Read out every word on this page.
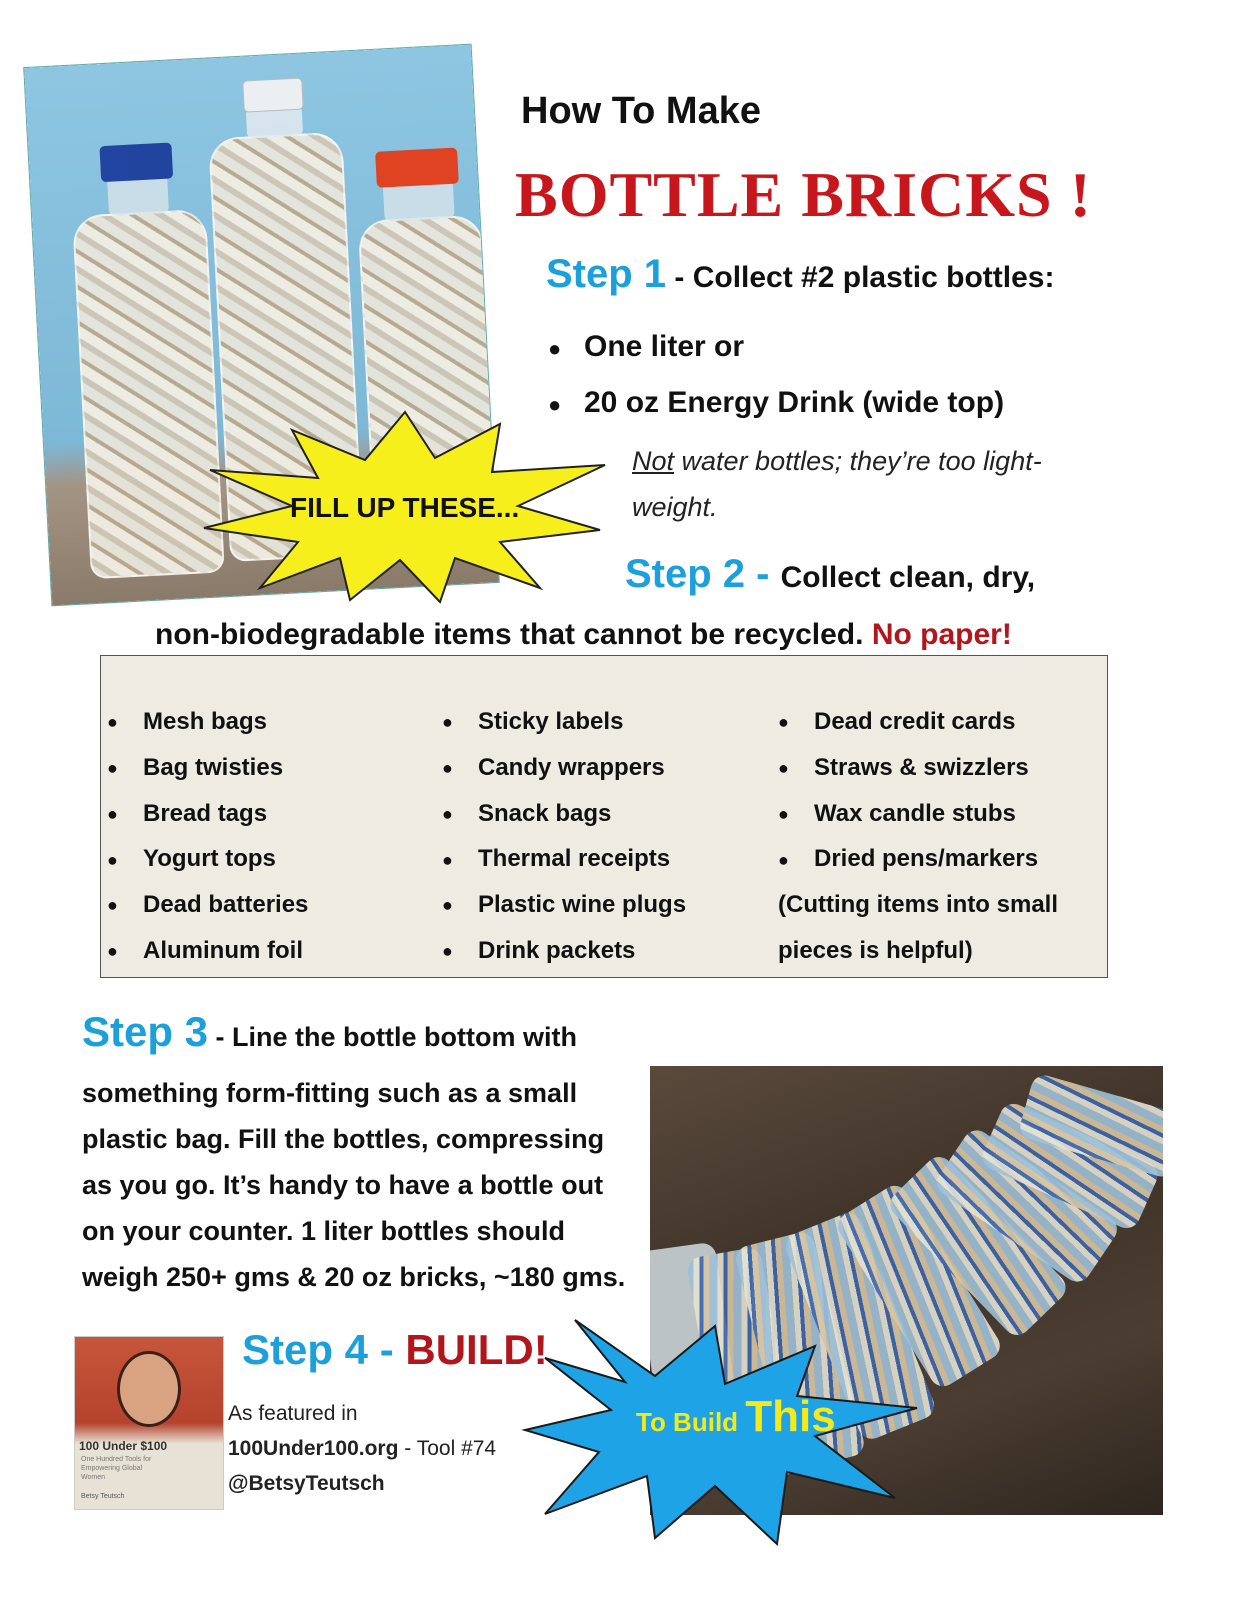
FILL UP THESE...
How To Make
BOTTLE BRICKS !
Step 1 - Collect #2 plastic bottles:
● One liter or
● 20 oz Energy Drink (wide top)
Not water bottles; they’re too light-weight.
Step 2 - Collect clean, dry,
non-biodegradable items that cannot be recycled. No paper!
● Mesh bags
● Bag twisties
● Bread tags
● Yogurt tops
● Dead batteries
● Aluminum foil
● Sticky labels
● Candy wrappers
● Snack bags
● Thermal receipts
● Plastic wine plugs
● Drink packets
● Dead credit cards
● Straws & swizzlers
● Wax candle stubs
● Dried pens/markers
(Cutting items into small
pieces is helpful)
Step 3 - Line the bottle bottom with
something form-fitting such as a small
plastic bag. Fill the bottles, compressing
as you go. It’s handy to have a bottle out
on your counter. 1 liter bottles should
weigh 250+ gms & 20 oz bricks, ~180 gms.
Step 4 - BUILD!
100 Under $100
One Hundred Tools for Empowering Global Women
Betsy Teutsch
As featured in
100Under100.org - Tool #74
@BetsyTeutsch
To Build This
